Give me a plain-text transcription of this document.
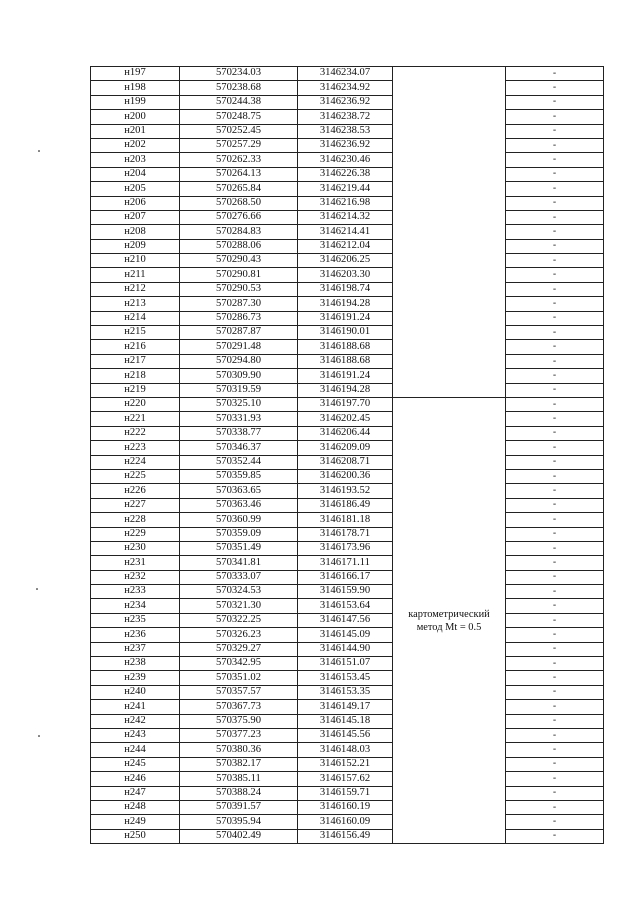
н197	570234.03	3146234.07		-
н198	570238.68	3146234.92		-
н199	570244.38	3146236.92		-
н200	570248.75	3146238.72		-
н201	570252.45	3146238.53		-
н202	570257.29	3146236.92		-
н203	570262.33	3146230.46		-
н204	570264.13	3146226.38		-
н205	570265.84	3146219.44		-
н206	570268.50	3146216.98		-
н207	570276.66	3146214.32		-
н208	570284.83	3146214.41		-
н209	570288.06	3146212.04		-
н210	570290.43	3146206.25		-
н211	570290.81	3146203.30		-
н212	570290.53	3146198.74		-
н213	570287.30	3146194.28		-
н214	570286.73	3146191.24		-
н215	570287.87	3146190.01		-
н216	570291.48	3146188.68		-
н217	570294.80	3146188.68		-
н218	570309.90	3146191.24		-
н219	570319.59	3146194.28		-
н220	570325.10	3146197.70	картометрический метод Mt = 0.5	-
н221	570331.93	3146202.45		-
н222	570338.77	3146206.44		-
н223	570346.37	3146209.09		-
н224	570352.44	3146208.71		-
н225	570359.85	3146200.36		-
н226	570363.65	3146193.52		-
н227	570363.46	3146186.49		-
н228	570360.99	3146181.18		-
н229	570359.09	3146178.71		-
н230	570351.49	3146173.96		-
н231	570341.81	3146171.11		-
н232	570333.07	3146166.17		-
н233	570324.53	3146159.90		-
н234	570321.30	3146153.64		-
н235	570322.25	3146147.56		-
н236	570326.23	3146145.09		-
н237	570329.27	3146144.90		-
н238	570342.95	3146151.07		-
н239	570351.02	3146153.45		-
н240	570357.57	3146153.35		-
н241	570367.73	3146149.17		-
н242	570375.90	3146145.18		-
н243	570377.23	3146145.56		-
н244	570380.36	3146148.03		-
н245	570382.17	3146152.21		-
н246	570385.11	3146157.62		-
н247	570388.24	3146159.71		-
н248	570391.57	3146160.19		-
н249	570395.94	3146160.09		-
н250	570402.49	3146156.49		-
